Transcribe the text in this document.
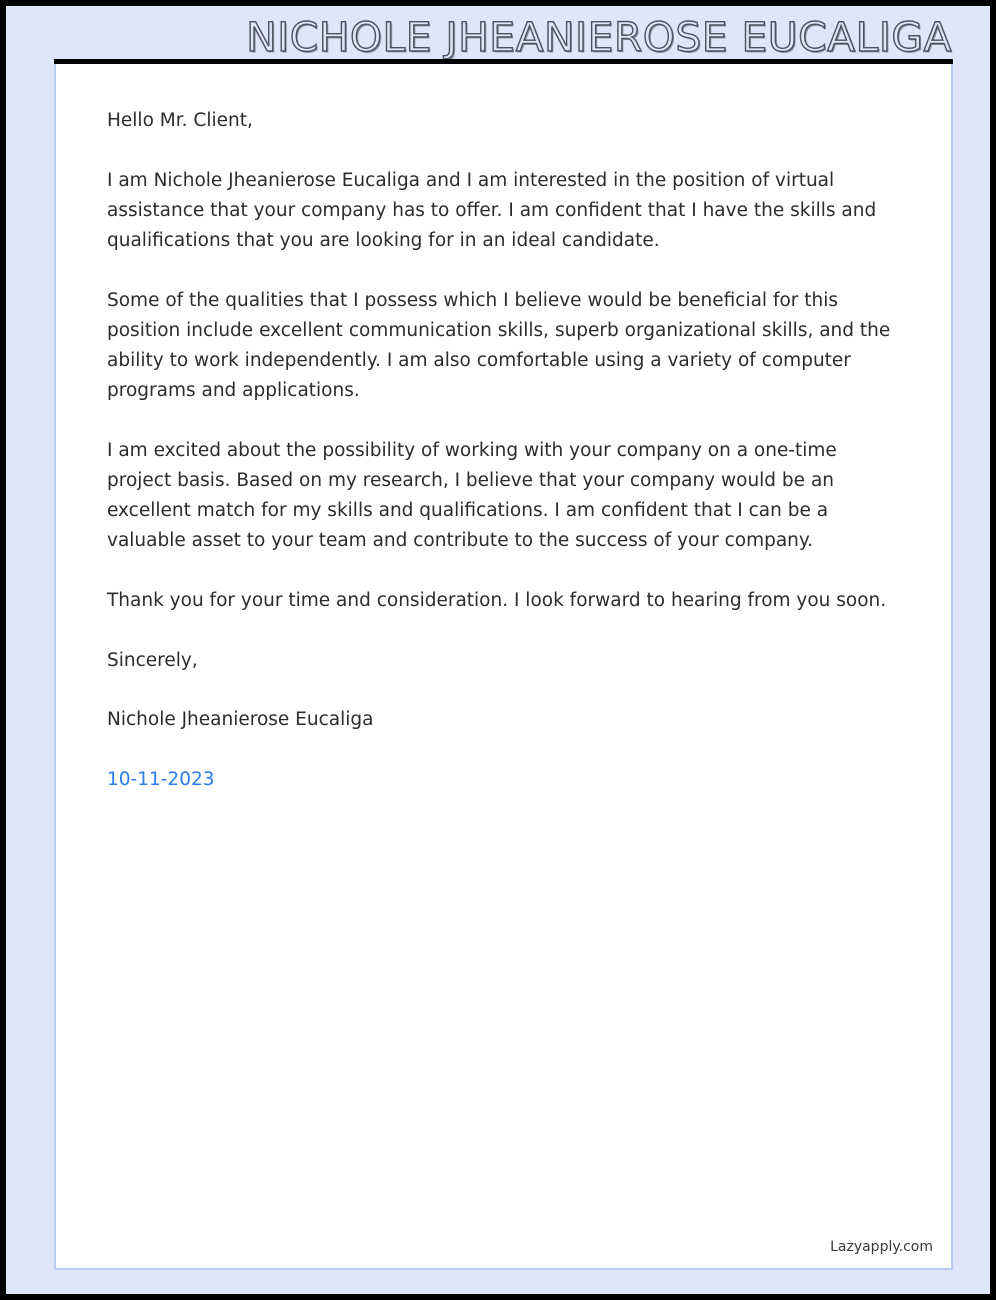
NICHOLE JHEANIEROSE EUCALIGA

Hello Mr. Client,

I am Nichole Jheanierose Eucaliga and I am interested in the position of virtual assistance that your company has to offer. I am confident that I have the skills and qualifications that you are looking for in an ideal candidate.

Some of the qualities that I possess which I believe would be beneficial for this position include excellent communication skills, superb organizational skills, and the ability to work independently. I am also comfortable using a variety of computer programs and applications.

I am excited about the possibility of working with your company on a one-time project basis. Based on my research, I believe that your company would be an excellent match for my skills and qualifications. I am confident that I can be a valuable asset to your team and contribute to the success of your company.

Thank you for your time and consideration. I look forward to hearing from you soon.

Sincerely,

Nichole Jheanierose Eucaliga

10-11-2023

Lazyapply.com
